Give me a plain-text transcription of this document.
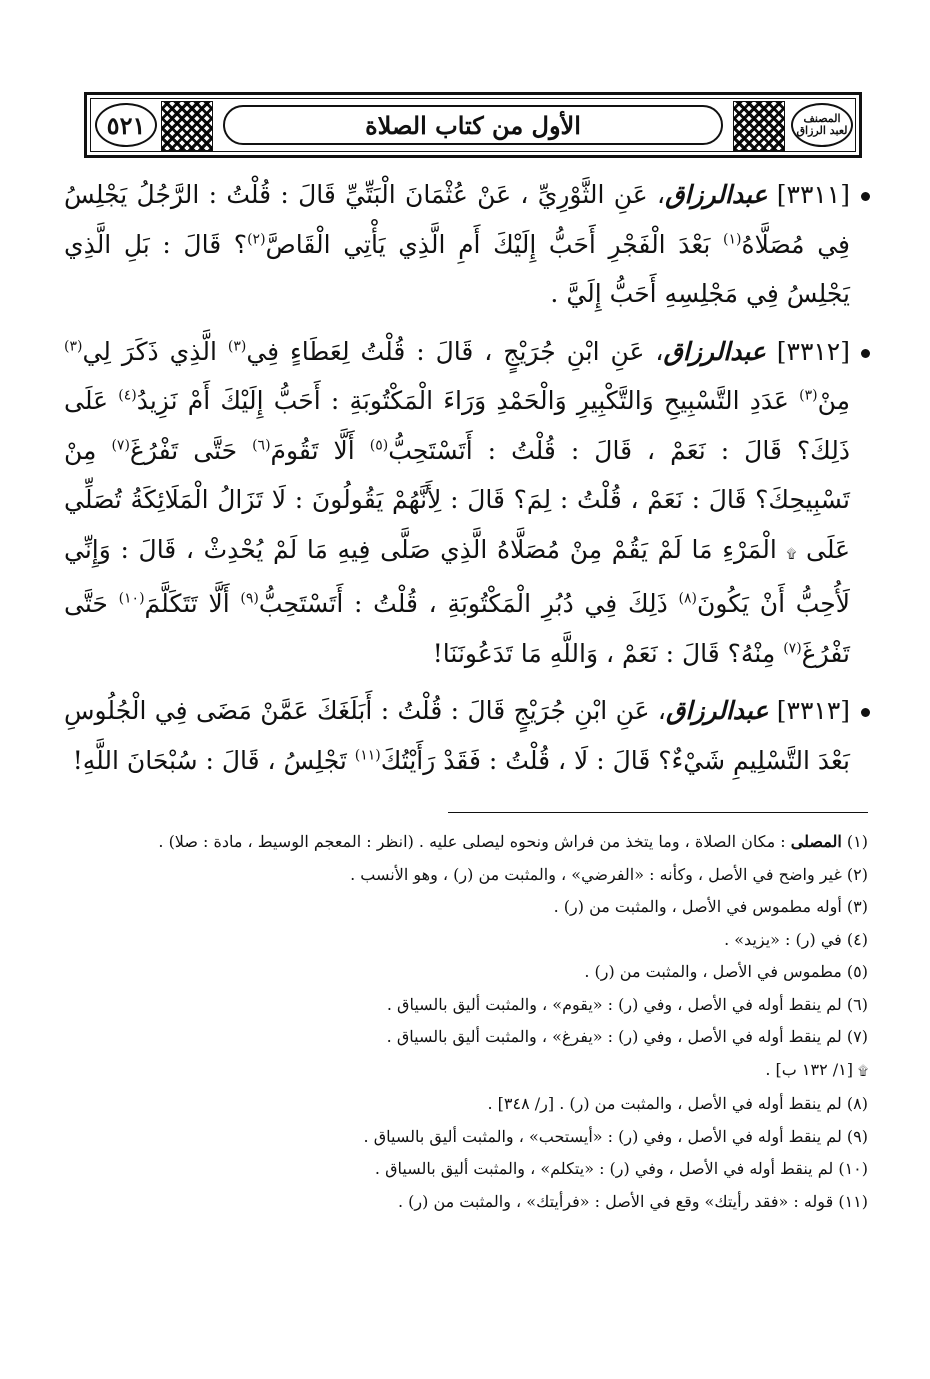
المصنف
لعبد الرزاق
الأول من كتاب الصلاة
٥٢١

[٣٣١١] عبدالرزاق، عَنِ الثَّوْرِيِّ ، عَنْ عُثْمَانَ الْبَتِّيِّ قَالَ : قُلْتُ : الرَّجُلُ يَجْلِسُ فِي مُصَلَّاهُ$^{(١)}$ بَعْدَ الْفَجْرِ أَحَبُّ إِلَيْكَ أَمِ الَّذِي يَأْتِي الْقَاصَّ$^{(٢)}$؟ قَالَ : بَلِ الَّذِي يَجْلِسُ فِي مَجْلِسِهِ أَحَبُّ إِلَيَّ .

[٣٣١٢] عبدالرزاق، عَنِ ابْنِ جُرَيْجٍ ، قَالَ : قُلْتُ لِعَطَاءٍ فِي$^{(٣)}$ الَّذِي ذَكَرَ لِي$^{(٣)}$ مِنْ$^{(٣)}$ عَدَدِ التَّسْبِيحِ وَالتَّكْبِيرِ وَالْحَمْدِ وَرَاءَ الْمَكْتُوبَةِ : أَحَبُّ إِلَيْكَ أَمْ نَزِيدُ$^{(٤)}$ عَلَى ذَلِكَ؟ قَالَ : نَعَمْ ، قَالَ : قُلْتُ : أَتَسْتَحِبُّ$^{(٥)}$ أَلَّا تَقُومَ$^{(٦)}$ حَتَّى تَفْرُغَ$^{(٧)}$ مِنْ تَسْبِيحِكَ؟ قَالَ : نَعَمْ ، قُلْتُ : لِمَ؟ قَالَ : لِأَنَّهُمْ يَقُولُونَ : لَا تَزَالُ الْمَلَائِكَةُ تُصَلِّي عَلَى ۩ الْمَرْءِ مَا لَمْ يَقُمْ مِنْ مُصَلَّاهُ الَّذِي صَلَّى فِيهِ مَا لَمْ يُحْدِثْ ، قَالَ : وَإِنِّي لَأُحِبُّ أَنْ يَكُونَ$^{(٨)}$ ذَلِكَ فِي دُبُرِ الْمَكْتُوبَةِ ، قُلْتُ : أَتَسْتَحِبُّ$^{(٩)}$ أَلَّا تَتَكَلَّمَ$^{(١٠)}$ حَتَّى تَفْرُغَ$^{(٧)}$ مِنْهُ؟ قَالَ : نَعَمْ ، وَاللَّهِ مَا تَدَعُونَنَا!

[٣٣١٣] عبدالرزاق، عَنِ ابْنِ جُرَيْجٍ قَالَ : قُلْتُ : أَبَلَغَكَ عَمَّنْ مَضَى فِي الْجُلُوسِ بَعْدَ التَّسْلِيمِ شَيْءٌ؟ قَالَ : لَا ، قُلْتُ : فَقَدْ رَأَيْتُكَ$^{(١١)}$ تَجْلِسُ ، قَالَ : سُبْحَانَ اللَّهِ!

(١) المصلى : مكان الصلاة ، وما يتخذ من فراش ونحوه ليصلى عليه . (انظر : المعجم الوسيط ، مادة : صلا) .

(٢) غير واضح في الأصل ، وكأنه : «الفرضي» ، والمثبت من (ر) ، وهو الأنسب .

(٣) أوله مطموس في الأصل ، والمثبت من (ر) .

(٤) في (ر) : «يزيد» .

(٥) مطموس في الأصل ، والمثبت من (ر) .

(٦) لم ينقط أوله في الأصل ، وفي (ر) : «يقوم» ، والمثبت أليق بالسياق .

(٧) لم ينقط أوله في الأصل ، وفي (ر) : «يفرغ» ، والمثبت أليق بالسياق .

۩ [١/ ١٣٢ ب] .

(٨) لم ينقط أوله في الأصل ، والمثبت من (ر) . [ر/ ٣٤٨] .

(٩) لم ينقط أوله في الأصل ، وفي (ر) : «أيستحب» ، والمثبت أليق بالسياق .

(١٠) لم ينقط أوله في الأصل ، وفي (ر) : «يتكلم» ، والمثبت أليق بالسياق .

(١١) قوله : «فقد رأيتك» وقع في الأصل : «فرأيتك» ، والمثبت من (ر) .
